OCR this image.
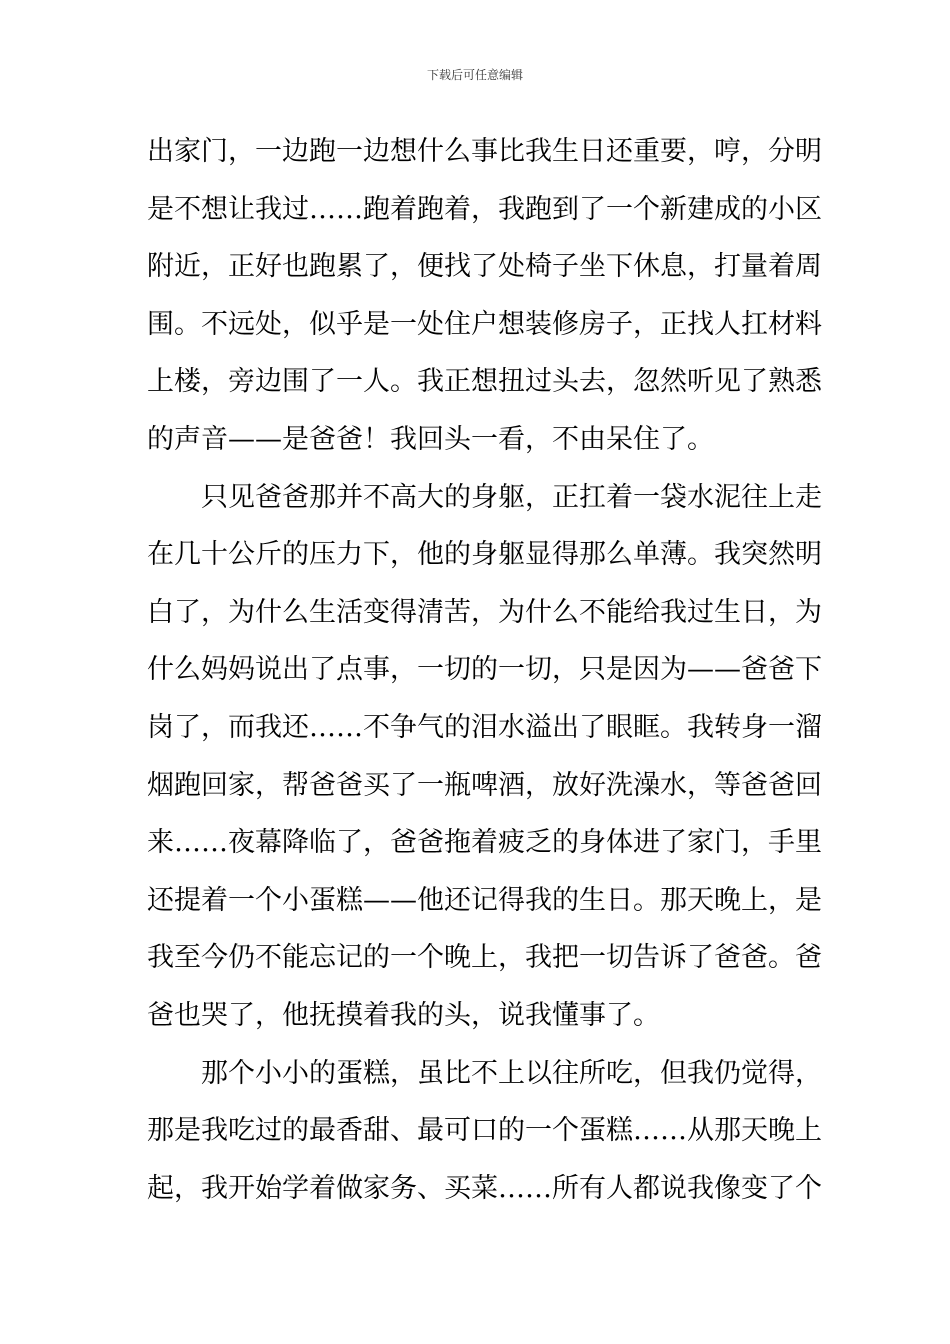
下载后可任意编辑
出家门，一边跑一边想什么事比我生日还重要，哼，分明
是不想让我过……跑着跑着，我跑到了一个新建成的小区
附近，正好也跑累了，便找了处椅子坐下休息，打量着周
围。不远处，似乎是一处住户想装修房子，正找人扛材料
上楼，旁边围了一人。我正想扭过头去，忽然听见了熟悉
的声音——是爸爸！我回头一看，不由呆住了。
只见爸爸那并不高大的身躯，正扛着一袋水泥往上走
在几十公斤的压力下，他的身躯显得那么单薄。我突然明
白了，为什么生活变得清苦，为什么不能给我过生日，为
什么妈妈说出了点事，一切的一切，只是因为——爸爸下
岗了，而我还……不争气的泪水溢出了眼眶。我转身一溜
烟跑回家，帮爸爸买了一瓶啤酒，放好洗澡水，等爸爸回
来……夜幕降临了，爸爸拖着疲乏的身体进了家门，手里
还提着一个小蛋糕——他还记得我的生日。那天晚上，是
我至今仍不能忘记的一个晚上，我把一切告诉了爸爸。爸
爸也哭了，他抚摸着我的头，说我懂事了。
那个小小的蛋糕，虽比不上以往所吃，但我仍觉得，
那是我吃过的最香甜、最可口的一个蛋糕……从那天晚上
起，我开始学着做家务、买菜……所有人都说我像变了个
